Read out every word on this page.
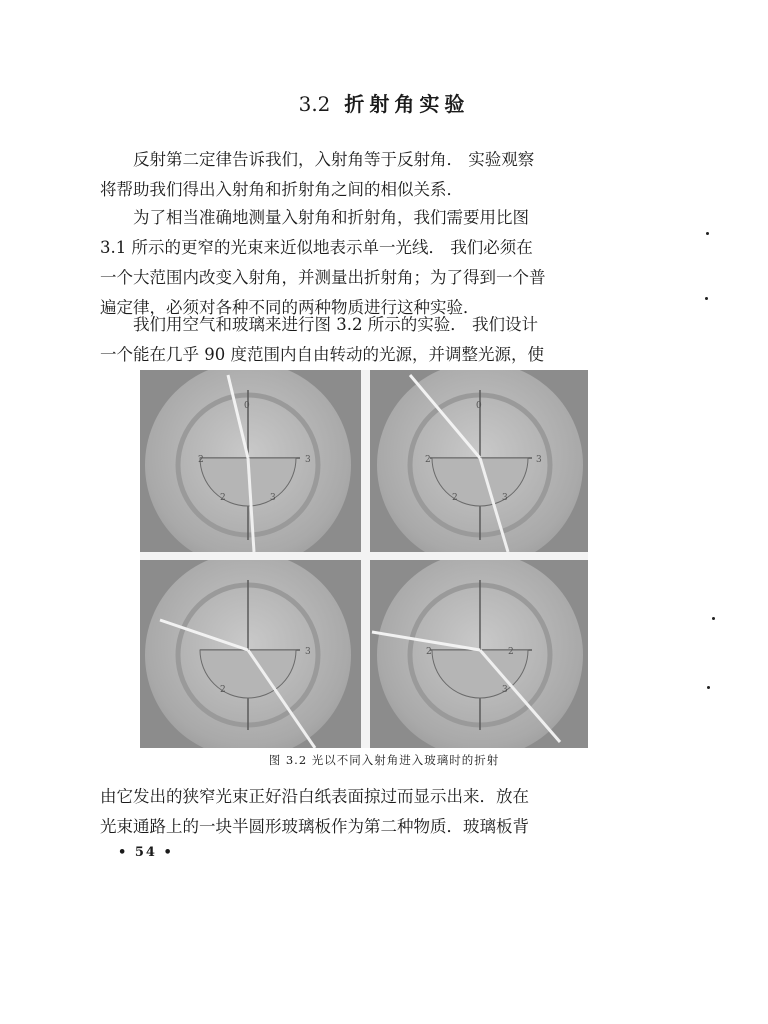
3.2 折射角实验

反射第二定律告诉我们，入射角等于反射角． 实验观察
将帮助我们得出入射角和折射角之间的相似关系．

为了相当准确地测量入射角和折射角，我们需要用比图
3.1 所示的更窄的光束来近似地表示单一光线． 我们必须在
一个大范围内改变入射角，并测量出折射角；为了得到一个普
遍定律，必须对各种不同的两种物质进行这种实验．

我们用空气和玻璃来进行图 3.2 所示的实验． 我们设计
一个能在几乎 90 度范围内自由转动的光源，并调整光源，使

0
2	3
2	3
0
2	3
2	3
3
2
2	2
3
图 3.2 光以不同入射角进入玻璃时的折射

由它发出的狭窄光束正好沿白纸表面掠过而显示出来．放在
光束通路上的一块半圆形玻璃板作为第二种物质．玻璃板背

• 54 •
